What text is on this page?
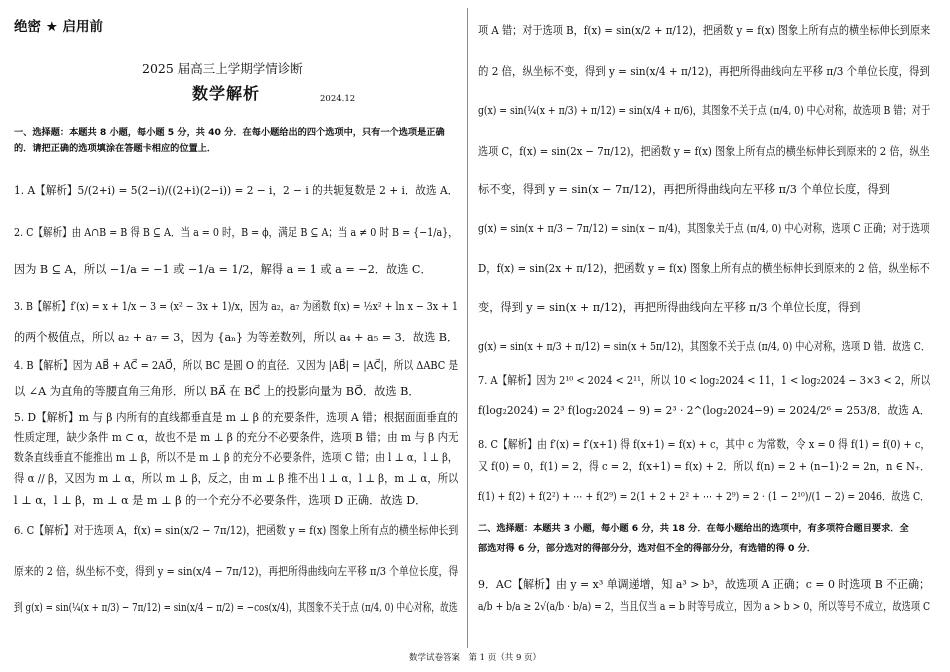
绝密 ★ 启用前
2025 届高三上学期学情诊断
数学解析	2024.12
一、选择题：本题共 8 小题，每小题 5 分，共 40 分．在每小题给出的四个选项中，只有一个选项是正确
的．请把正确的选项填涂在答题卡相应的位置上．
1. A【解析】5/(2+i) = 5(2−i)/((2+i)(2−i)) = 2 − i，2 − i 的共轭复数是 2 + i．故选 A．
2. C【解析】由 A∩B = B 得 B ⊆ A．当 a = 0 时，B = ϕ，满足 B ⊆ A；当 a ≠ 0 时 B = {−1/a}，
因为 B ⊆ A，所以 −1/a = −1 或 −1/a = 1/2，解得 a = 1 或 a = −2．故选 C．
3. B【解析】f′(x) = x + 1/x − 3 = (x² − 3x + 1)/x，因为 a₂，a₇ 为函数 f(x) = ½x² + ln x − 3x + 1
的两个极值点，所以 a₂ + a₇ = 3，因为 {aₙ} 为等差数列，所以 a₄ + a₅ = 3．故选 B．
4. B【解析】因为 AB⃗ + AC⃗ = 2AO⃗，所以 BC 是圆 O 的直径．又因为 |AB⃗| = |AC⃗|，所以 ΔABC 是
以 ∠A 为直角的等腰直角三角形．所以 BA⃗ 在 BC⃗ 上的投影向量为 BO⃗．故选 B．
5. D【解析】m 与 β 内所有的直线都垂直是 m ⊥ β 的充要条件，选项 A 错；根据面面垂直的
性质定理，缺少条件 m ⊂ α，故也不是 m ⊥ β 的充分不必要条件，选项 B 错；由 m 与 β 内无
数条直线垂直不能推出 m ⊥ β，所以不是 m ⊥ β 的充分不必要条件，选项 C 错；由 l ⊥ α，l ⊥ β，
得 α // β，又因为 m ⊥ α，所以 m ⊥ β，反之，由 m ⊥ β 推不出 l ⊥ α，l ⊥ β，m ⊥ α，所以
l ⊥ α，l ⊥ β，m ⊥ α 是 m ⊥ β 的一个充分不必要条件，选项 D 正确．故选 D．
6. C【解析】对于选项 A，f(x) = sin(x/2 − 7π/12)，把函数 y = f(x) 图象上所有点的横坐标伸长到
原来的 2 倍，纵坐标不变，得到 y = sin(x/4 − 7π/12)，再把所得曲线向左平移 π/3 个单位长度，得
到 g(x) = sin(¼(x + π/3) − 7π/12) = sin(x/4 − π/2) = −cos(x/4)，其图象不关于点 (π/4, 0) 中心对称，故选
项 A 错；对于选项 B，f(x) = sin(x/2 + π/12)，把函数 y = f(x) 图象上所有点的横坐标伸长到原来
的 2 倍，纵坐标不变，得到 y = sin(x/4 + π/12)，再把所得曲线向左平移 π/3 个单位长度，得到
g(x) = sin(¼(x + π/3) + π/12) = sin(x/4 + π/6)，其图象不关于点 (π/4, 0) 中心对称，故选项 B 错；对于
选项 C，f(x) = sin(2x − 7π/12)，把函数 y = f(x) 图象上所有点的横坐标伸长到原来的 2 倍，纵坐
标不变，得到 y = sin(x − 7π/12)，再把所得曲线向左平移 π/3 个单位长度，得到
g(x) = sin(x + π/3 − 7π/12) = sin(x − π/4)，其图象关于点 (π/4, 0) 中心对称，选项 C 正确；对于选项
D，f(x) = sin(2x + π/12)，把函数 y = f(x) 图象上所有点的横坐标伸长到原来的 2 倍，纵坐标不
变，得到 y = sin(x + π/12)，再把所得曲线向左平移 π/3 个单位长度，得到
g(x) = sin(x + π/3 + π/12) = sin(x + 5π/12)，其图象不关于点 (π/4, 0) 中心对称，选项 D 错．故选 C．
7. A【解析】因为 2¹⁰ < 2024 < 2¹¹，所以 10 < log₂2024 < 11，1 < log₂2024 − 3×3 < 2，所以
f(log₂2024) = 2³ f(log₂2024 − 9) = 2³ · 2^(log₂2024−9) = 2024/2⁶ = 253/8．故选 A．
8. C【解析】由 f′(x) = f′(x+1) 得 f(x+1) = f(x) + c，其中 c 为常数，令 x = 0 得 f(1) = f(0) + c，
又 f(0) = 0，f(1) = 2，得 c = 2，f(x+1) = f(x) + 2．所以 f(n) = 2 + (n−1)·2 = 2n，n ∈ N₊．
f(1) + f(2) + f(2²) + ⋯ + f(2⁹) = 2(1 + 2 + 2² + ⋯ + 2⁹) = 2 · (1 − 2¹⁰)/(1 − 2) = 2046．故选 C．
二、选择题：本题共 3 小题，每小题 6 分，共 18 分．在每小题给出的选项中，有多项符合题目要求．全
部选对得 6 分，部分选对的得部分分，选对但不全的得部分分，有选错的得 0 分．
9．AC【解析】由 y = x³ 单调递增，知 a³ > b³，故选项 A 正确；c = 0 时选项 B 不正确；
a/b + b/a ≥ 2√(a/b · b/a) = 2，当且仅当 a = b 时等号成立，因为 a > b > 0，所以等号不成立，故选项 C
数学试卷答案　第 1 页（共 9 页）
